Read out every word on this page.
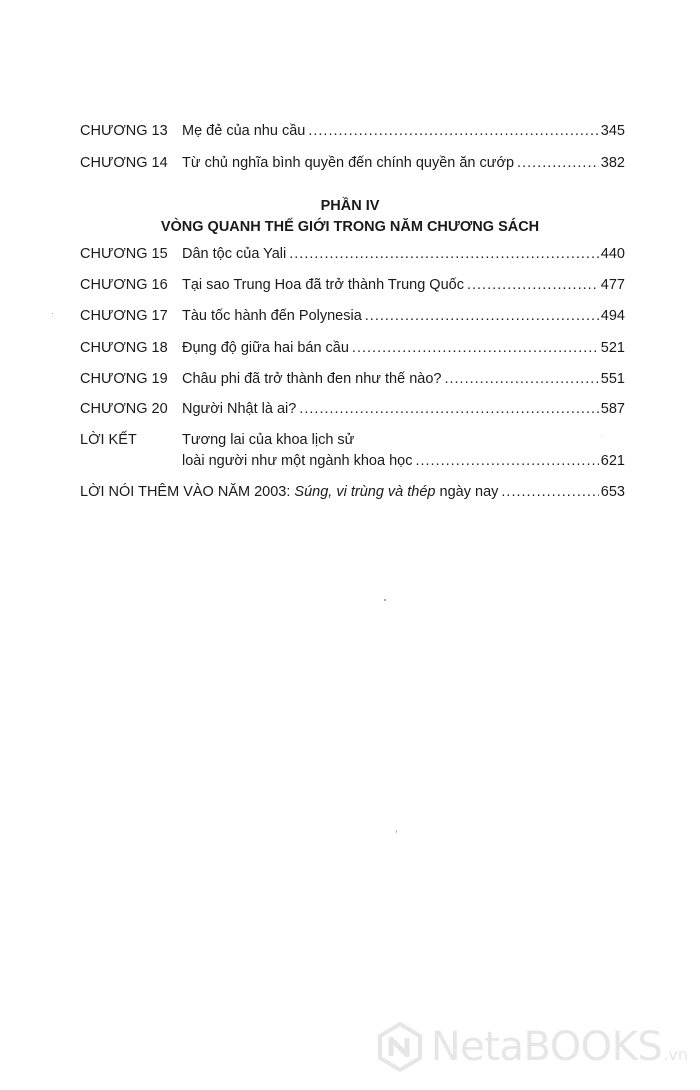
CHƯƠNG 13 Mẹ đẻ của nhu cầu .....	345
CHƯƠNG 14 Từ chủ nghĩa bình quyền đến chính quyền ăn cướp .....	382
PHẦN IV
VÒNG QUANH THẾ GIỚI TRONG NĂM CHƯƠNG SÁCH
CHƯƠNG 15 Dân tộc của Yali .....	440
CHƯƠNG 16 Tại sao Trung Hoa đã trở thành Trung Quốc .....	477
CHƯƠNG 17 Tàu tốc hành đến Polynesia .....	494
CHƯƠNG 18 Đụng độ giữa hai bán cầu .....	521
CHƯƠNG 19 Châu phi đã trở thành đen như thế nào? .....	551
CHƯƠNG 20 Người Nhật là ai? .....	587
LỜI KẾT	Tương lai của khoa lịch sử
loài người như một ngành khoa học .....	621
LỜI NÓI THÊM VÀO NĂM 2003: Súng, vi trùng và thép ngày nay .....	653
NetaBOOKS .vn
